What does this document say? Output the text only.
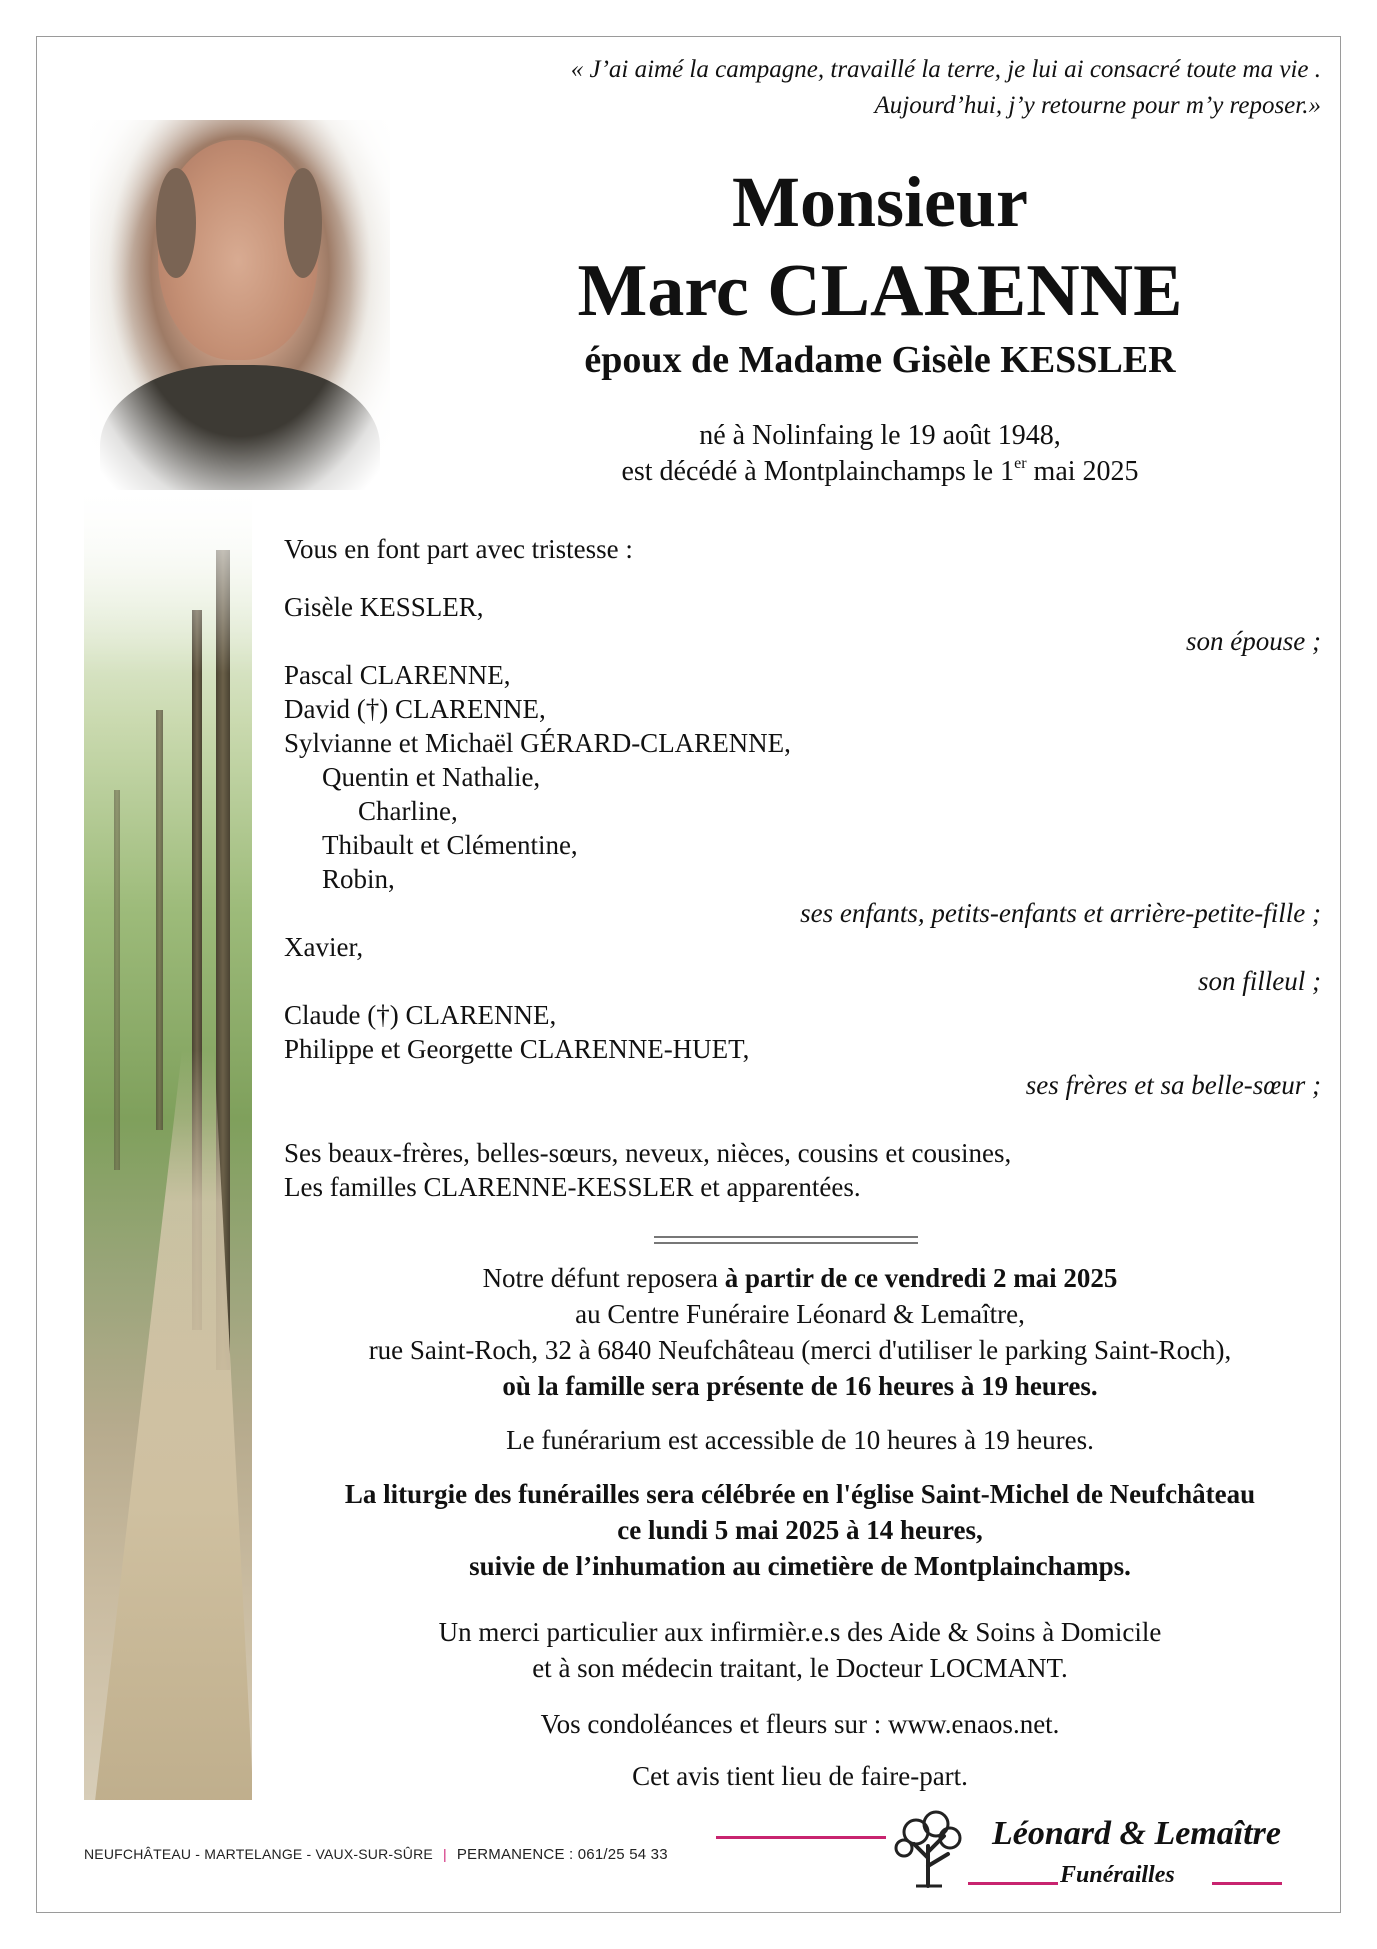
« J’ai aimé la campagne, travaillé la terre, je lui ai consacré toute ma vie .
Aujourd’hui, j’y retourne pour m’y reposer.»
Monsieur
Marc CLARENNE
époux de Madame Gisèle KESSLER
né à Nolinfaing le 19 août 1948,
est décédé à Montplainchamps le 1er mai 2025
Vous en font part avec tristesse :
Gisèle KESSLER,
son épouse ;
Pascal CLARENNE,
David (†) CLARENNE,
Sylvianne et Michaël GÉRARD-CLARENNE,
Quentin et Nathalie,
Charline,
Thibault et Clémentine,
Robin,
ses enfants, petits-enfants et arrière-petite-fille ;
Xavier,
son filleul ;
Claude (†) CLARENNE,
Philippe et Georgette CLARENNE-HUET,
ses frères et sa belle-sœur ;
Ses beaux-frères, belles-sœurs, neveux, nièces, cousins et cousines,
Les familles CLARENNE-KESSLER et apparentées.
Notre défunt reposera à partir de ce vendredi 2 mai 2025
au Centre Funéraire Léonard & Lemaître,
rue Saint-Roch, 32 à 6840 Neufchâteau (merci d'utiliser le parking Saint-Roch),
où la famille sera présente de 16 heures à 19 heures.
Le funérarium est accessible de 10 heures à 19 heures.
La liturgie des funérailles sera célébrée en l'église Saint-Michel de Neufchâteau
ce lundi 5 mai 2025 à 14 heures,
suivie de l’inhumation au cimetière de Montplainchamps.
Un merci particulier aux infirmièr.e.s des Aide & Soins à Domicile
et à son médecin traitant, le Docteur LOCMANT.
Vos condoléances et fleurs sur : www.enaos.net.
Cet avis tient lieu de faire-part.
NEUFCHÂTEAU - MARTELANGE - VAUX-SUR-SÛRE | PERMANENCE : 061/25 54 33
Léonard & Lemaître
Funérailles
